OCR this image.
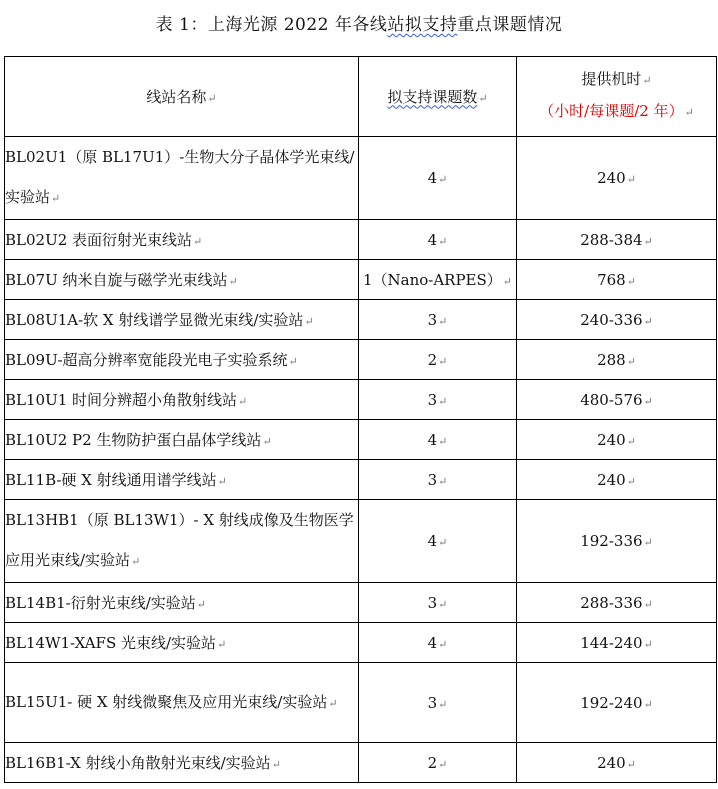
表 1：上海光源 2022 年各线站拟支持重点课题情况
线站名称↵	拟支持课题数↵	提供机时↵
（小时/每课题/2 年）↵

BL02U1（原 BL17U1）-生物大分子晶体学光束线/实验站↵	4↵	240↵
BL02U2 表面衍射光束线站↵	4↵	288-384↵
BL07U 纳米自旋与磁学光束线站↵	1（Nano-ARPES）↵	768↵
BL08U1A-软 X 射线谱学显微光束线/实验站↵	3↵	240-336↵
BL09U-超高分辨率宽能段光电子实验系统↵	2↵	288↵
BL10U1 时间分辨超小角散射线站↵	3↵	480-576↵
BL10U2 P2 生物防护蛋白晶体学线站↵	4↵	240↵
BL11B-硬 X 射线通用谱学线站↵	3↵	240↵
BL13HB1（原 BL13W1）- X 射线成像及生物医学应用光束线/实验站↵	4↵	192-336↵
BL14B1-衍射光束线/实验站↵	3↵	288-336↵
BL14W1-XAFS 光束线/实验站↵	4↵	144-240↵
BL15U1- 硬 X 射线微聚焦及应用光束线/实验站↵	3↵	192-240↵
BL16B1-X 射线小角散射光束线/实验站↵	2↵	240↵
